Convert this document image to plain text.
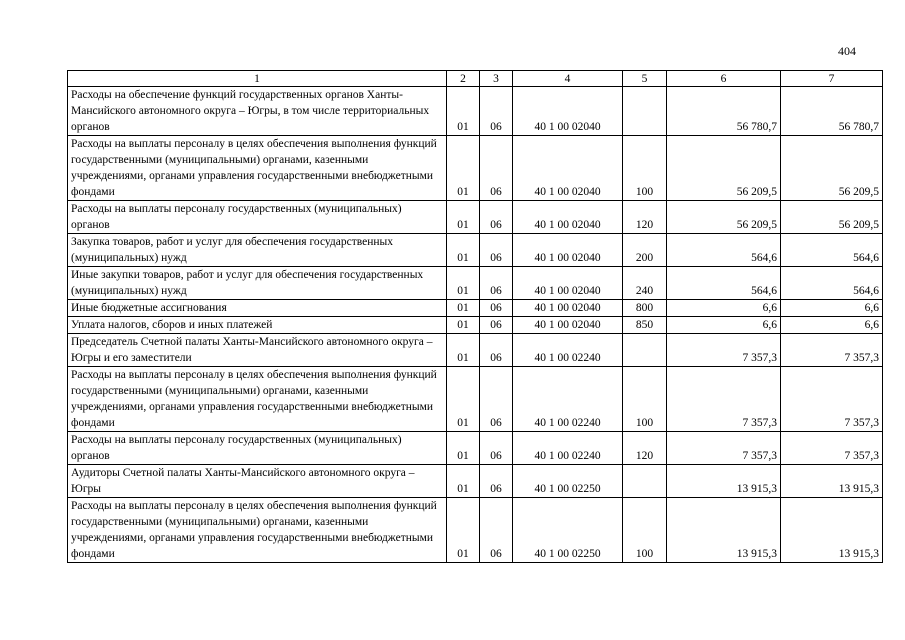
404
1	2	3	4	5	6	7
Расходы на обеспечение функций государственных органов Ханты-Мансийского автономного округа – Югры, в том числе территориальных органов	01	06	40 1 00 02040		56 780,7	56 780,7
Расходы на выплаты персоналу в целях обеспечения выполнения функций государственными (муниципальными) органами, казенными учреждениями, органами управления государственными внебюджетными фондами	01	06	40 1 00 02040	100	56 209,5	56 209,5
Расходы на выплаты персоналу государственных (муниципальных) органов	01	06	40 1 00 02040	120	56 209,5	56 209,5
Закупка товаров, работ и услуг для обеспечения государственных (муниципальных) нужд	01	06	40 1 00 02040	200	564,6	564,6
Иные закупки товаров, работ и услуг для обеспечения государственных (муниципальных) нужд	01	06	40 1 00 02040	240	564,6	564,6
Иные бюджетные ассигнования	01	06	40 1 00 02040	800	6,6	6,6
Уплата налогов, сборов и иных платежей	01	06	40 1 00 02040	850	6,6	6,6
Председатель Счетной палаты Ханты-Мансийского автономного округа – Югры и его заместители	01	06	40 1 00 02240		7 357,3	7 357,3
Расходы на выплаты персоналу в целях обеспечения выполнения функций государственными (муниципальными) органами, казенными учреждениями, органами управления государственными внебюджетными фондами	01	06	40 1 00 02240	100	7 357,3	7 357,3
Расходы на выплаты персоналу государственных (муниципальных) органов	01	06	40 1 00 02240	120	7 357,3	7 357,3
Аудиторы Счетной палаты Ханты-Мансийского автономного округа – Югры	01	06	40 1 00 02250		13 915,3	13 915,3
Расходы на выплаты персоналу в целях обеспечения выполнения функций государственными (муниципальными) органами, казенными учреждениями, органами управления государственными внебюджетными фондами	01	06	40 1 00 02250	100	13 915,3	13 915,3
